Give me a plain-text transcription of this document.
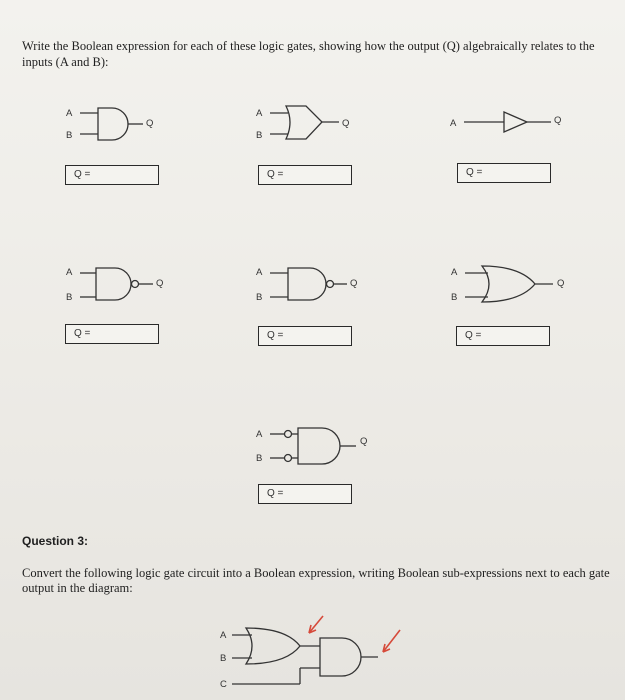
Write the Boolean expression for each of these logic gates, showing how the output (Q) algebraically relates to the inputs (A and B):

A
B
Q
A
B
Q	A	Q
Q =	Q =	Q =
A
B
Q
A
B
Q
A
B
Q
Q =	Q =	Q =
A
B
Q
Q =
Question 3:

Convert the following logic gate circuit into a Boolean expression, writing Boolean sub-expressions next to each gate output in the diagram:

A
B
C
